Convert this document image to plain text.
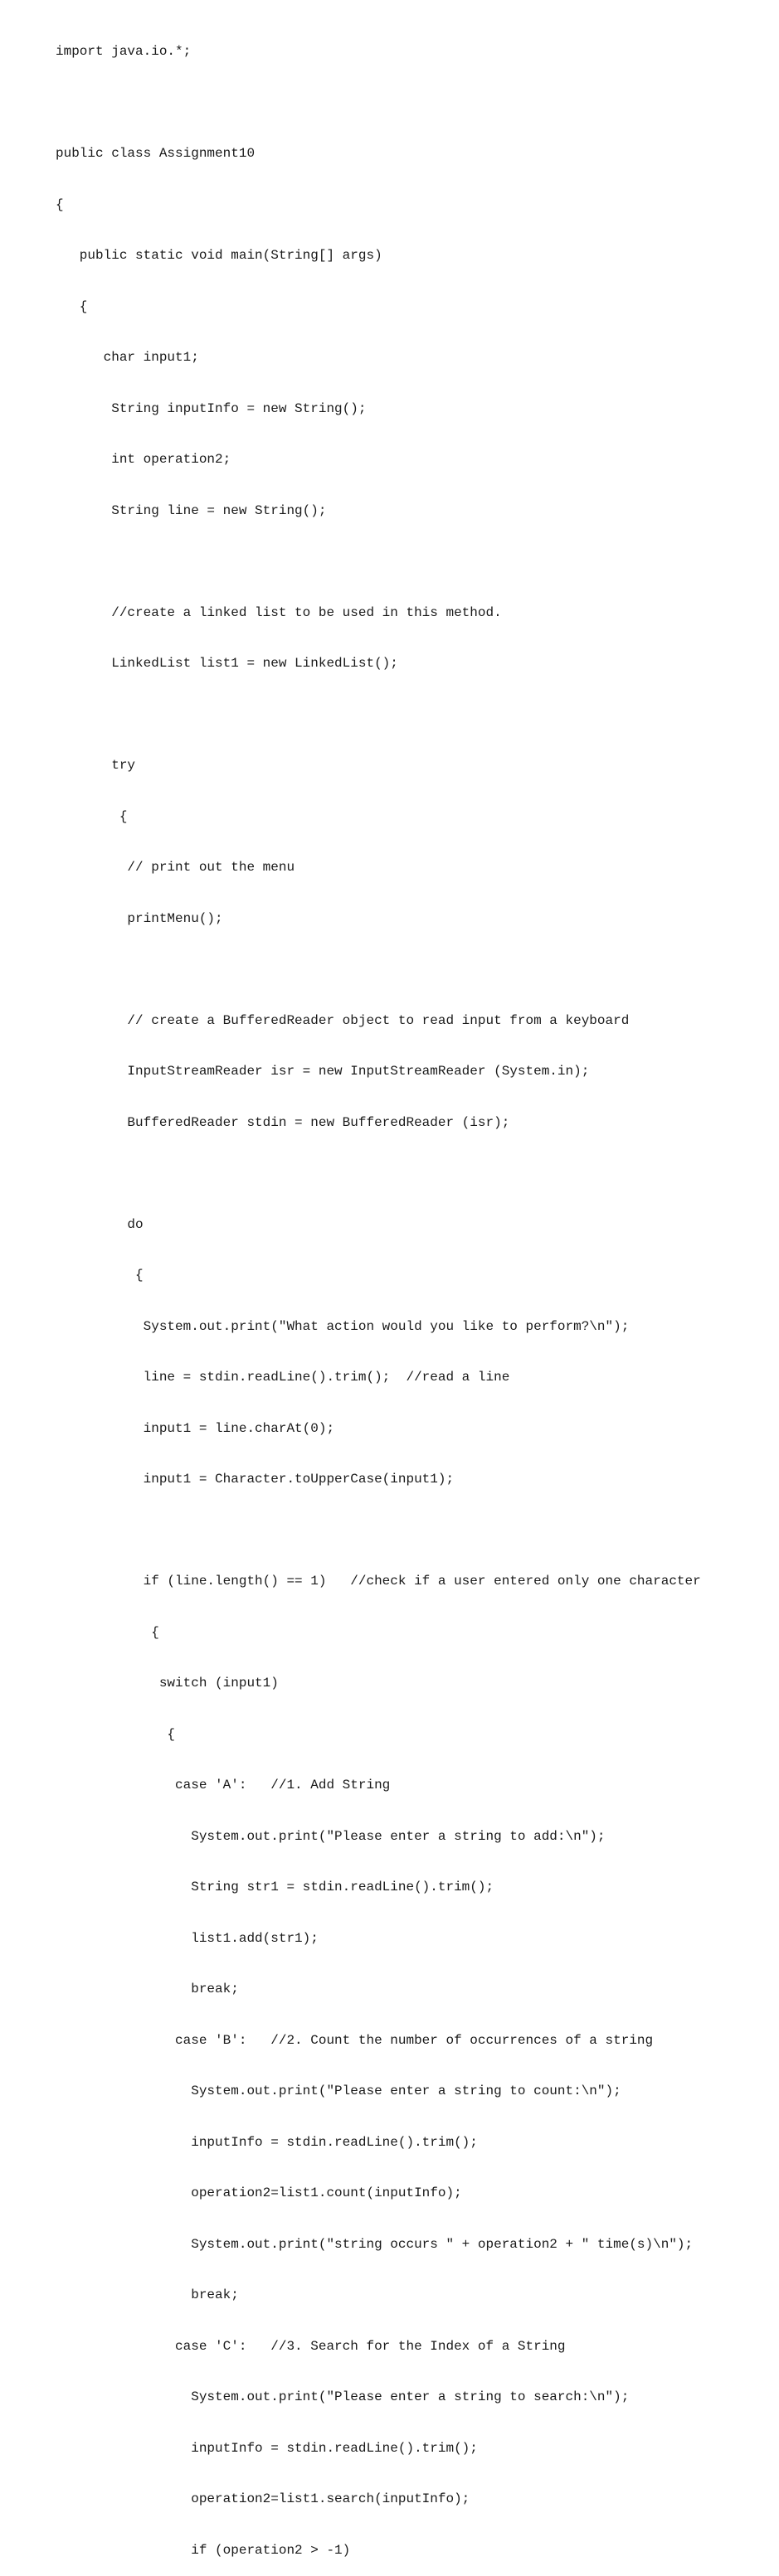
import java.io.*;

public class Assignment10

{

public static void main(String[] args)

{

char input1;

String inputInfo = new String();

int operation2;

String line = new String();

//create a linked list to be used in this method.

LinkedList list1 = new LinkedList();

try

{

// print out the menu

printMenu();

// create a BufferedReader object to read input from a keyboard

InputStreamReader isr = new InputStreamReader (System.in);

BufferedReader stdin = new BufferedReader (isr);

do

{

System.out.print("What action would you like to perform?\n");

line = stdin.readLine().trim();  //read a line

input1 = line.charAt(0);

input1 = Character.toUpperCase(input1);

if (line.length() == 1)   //check if a user entered only one character

{

switch (input1)

{

case 'A':   //1. Add String

System.out.print("Please enter a string to add:\n");

String str1 = stdin.readLine().trim();

list1.add(str1);

break;

case 'B':   //2. Count the number of occurrences of a string

System.out.print("Please enter a string to count:\n");

inputInfo = stdin.readLine().trim();

operation2=list1.count(inputInfo);

System.out.print("string occurs " + operation2 + " time(s)\n");

break;

case 'C':   //3. Search for the Index of a String

System.out.print("Please enter a string to search:\n");

inputInfo = stdin.readLine().trim();

operation2=list1.search(inputInfo);

if (operation2 > -1)
